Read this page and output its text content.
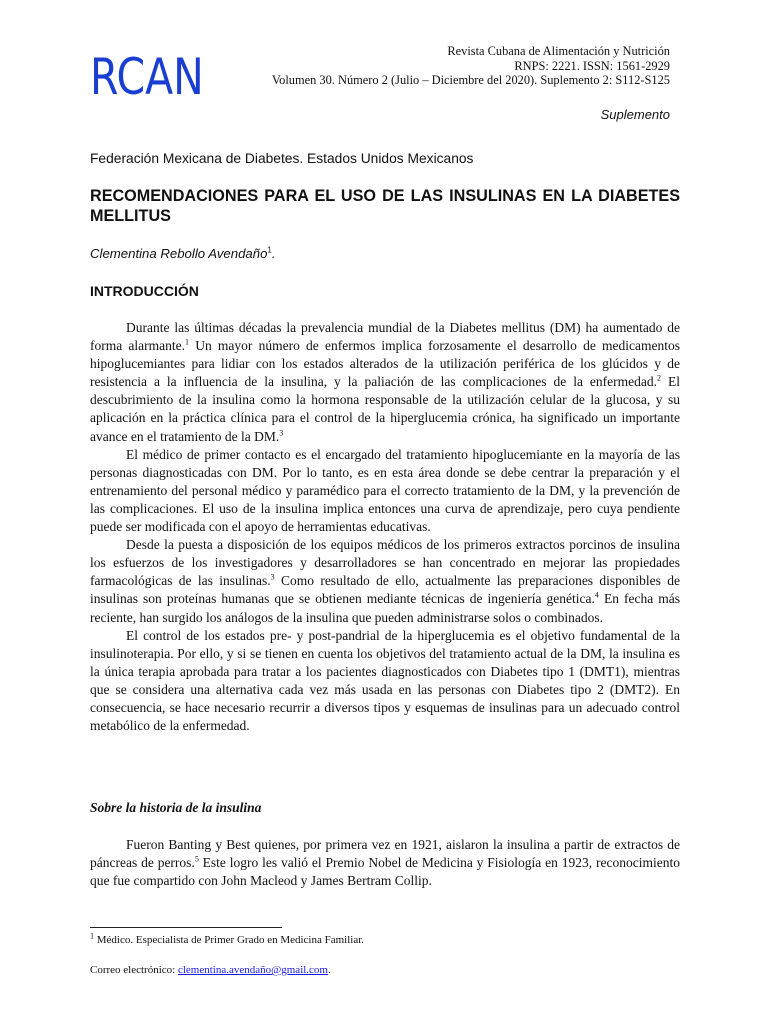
RCAN	Revista Cubana de Alimentación y Nutrición
RNPS: 2221. ISSN: 1561-2929
Volumen 30. Número 2 (Julio – Diciembre del 2020). Suplemento 2: S112-S125
Suplemento
Federación Mexicana de Diabetes. Estados Unidos Mexicanos
RECOMENDACIONES PARA EL USO DE LAS INSULINAS EN LA DIABETES MELLITUS
Clementina Rebollo Avendaño$^1$.
INTRODUCCIÓN

Durante las últimas décadas la prevalencia mundial de la Diabetes mellitus (DM) ha aumentado de forma alarmante.$^1$ Un mayor número de enfermos implica forzosamente el desarrollo de medicamentos hipoglucemiantes para lidiar con los estados alterados de la utilización periférica de los glúcidos y de resistencia a la influencia de la insulina, y la paliación de las complicaciones de la enfermedad.$^2$ El descubrimiento de la insulina como la hormona responsable de la utilización celular de la glucosa, y su aplicación en la práctica clínica para el control de la hiperglucemia crónica, ha significado un importante avance en el tratamiento de la DM.$^3$

El médico de primer contacto es el encargado del tratamiento hipoglucemiante en la mayoría de las personas diagnosticadas con DM. Por lo tanto, es en esta área donde se debe centrar la preparación y el entrenamiento del personal médico y paramédico para el correcto tratamiento de la DM, y la prevención de las complicaciones. El uso de la insulina implica entonces una curva de aprendizaje, pero cuya pendiente puede ser modificada con el apoyo de herramientas educativas.

Desde la puesta a disposición de los equipos médicos de los primeros extractos porcinos de insulina los esfuerzos de los investigadores y desarrolladores se han concentrado en mejorar las propiedades farmacológicas de las insulinas.$^3$ Como resultado de ello, actualmente las preparaciones disponibles de insulinas son proteínas humanas que se obtienen mediante técnicas de ingeniería genética.$^4$ En fecha más reciente, han surgido los análogos de la insulina que pueden administrarse solos o combinados.

El control de los estados pre- y post-pandrial de la hiperglucemia es el objetivo fundamental de la insulinoterapia. Por ello, y si se tienen en cuenta los objetivos del tratamiento actual de la DM, la insulina es la única terapia aprobada para tratar a los pacientes diagnosticados con Diabetes tipo 1 (DMT1), mientras que se considera una alternativa cada vez más usada en las personas con Diabetes tipo 2 (DMT2). En consecuencia, se hace necesario recurrir a diversos tipos y esquemas de insulinas para un adecuado control metabólico de la enfermedad.

Sobre la historia de la insulina

Fueron Banting y Best quienes, por primera vez en 1921, aislaron la insulina a partir de extractos de páncreas de perros.$^5$ Este logro les valió el Premio Nobel de Medicina y Fisiología en 1923, reconocimiento que fue compartido con John Macleod y James Bertram Collip.

$^1$ Médico. Especialista de Primer Grado en Medicina Familiar.
Correo electrónico: clementina.avendaño@gmail.com.
